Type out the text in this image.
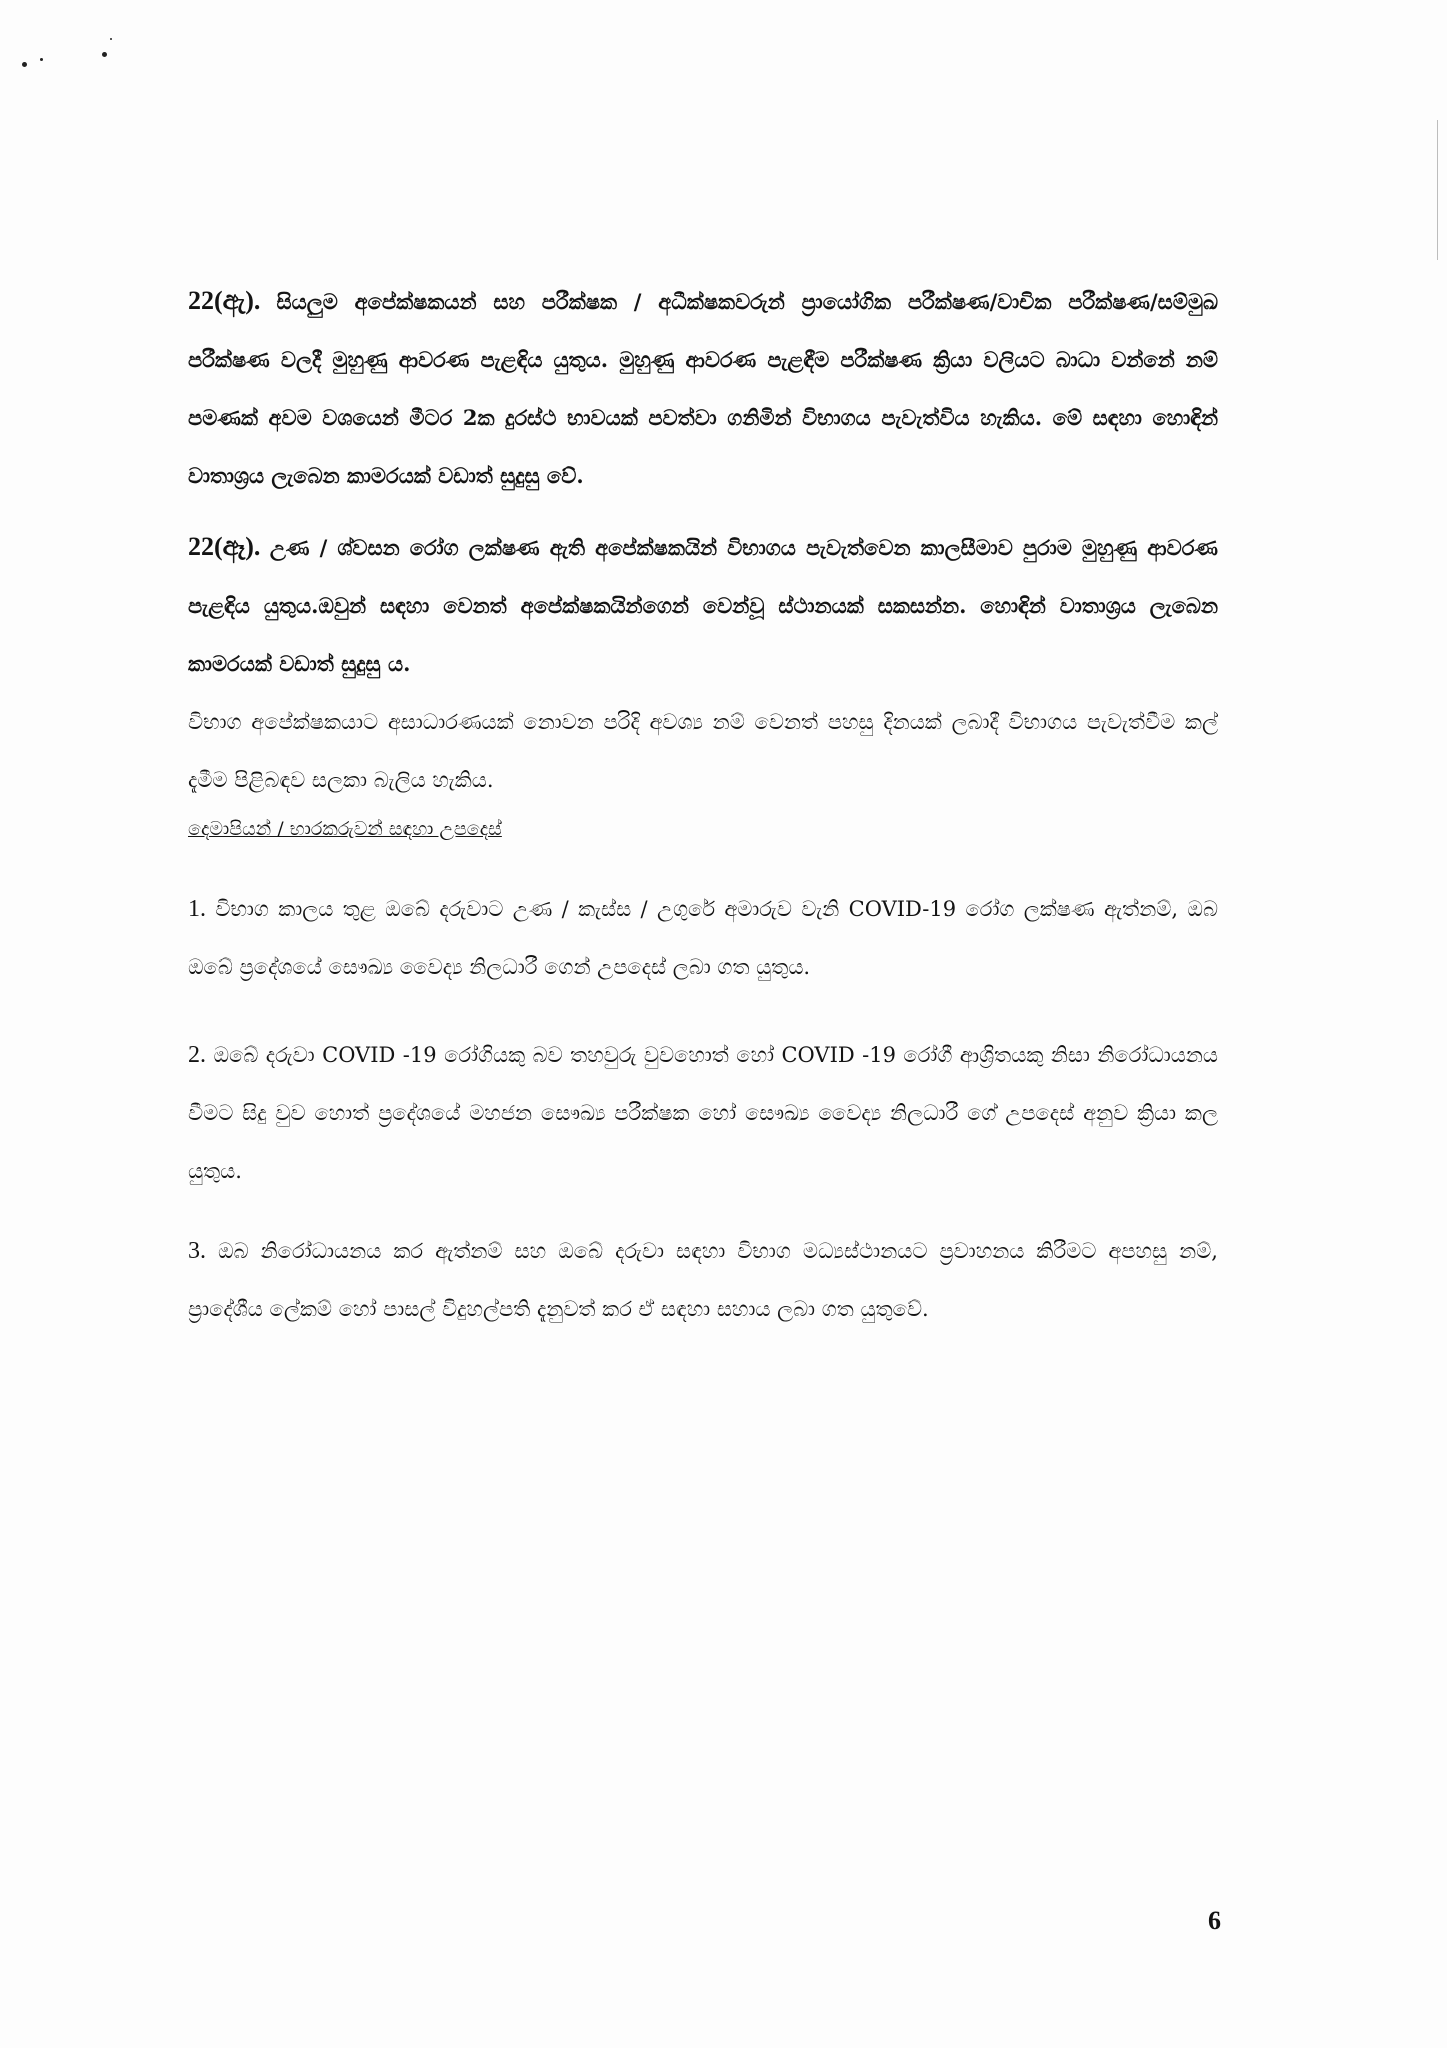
22(ඇ). සියලුම අපේක්ෂකයන් සහ පරීක්ෂක / අධීක්ෂකවරුන් ප්‍රායෝගික පරීක්ෂණ/වාචික පරීක්ෂණ/සම්මුඛ පරීක්ෂණ වලදී මුහුණු ආවරණ පැළඳිය යුතුය. මුහුණු ආවරණ පැළඳීම පරීක්ෂණ ක්‍රියා වලියට බාධා වන්නේ නම් පමණක් අවම වශයෙන් මීටර 2ක දුරස්ථ භාවයක් පවත්වා ගනිමින් විභාගය පැවැත්විය හැකිය. මේ සඳහා හොඳින් වාතාශ්‍රය ලැබෙන කාමරයක් වඩාත් සුදුසු වේ.

22(ඈ). උණ / ශ්වසන රෝග ලක්ෂණ ඇති අපේක්ෂකයින් විභාගය පැවැත්වෙන කාලසීමාව පුරාම මුහුණු ආවරණ පැළඳිය යුතුය.ඔවුන් සඳහා වෙනත් අපේක්ෂකයින්ගෙන් වෙන්වූ ස්ථානයක් සකසන්න. හොඳින් වාතාශ්‍රය ලැබෙන කාමරයක් වඩාත් සුදුසු ය.
විභාග අපේක්ෂකයාට අසාධාරණයක් නොවන පරිදි අවශ්‍ය නම් වෙනත් පහසු දිනයක් ලබාදී විභාගය පැවැත්වීම කල් දැමීම පිළිබඳව සලකා බැලිය හැකිය.

දෙමාපියන් / භාරකරුවන් සඳහා උපදෙස්

1. විභාග කාලය තුළ ඔබේ දරුවාට උණ / කැස්ස / උගුරේ අමාරුව වැනි COVID-19 රෝග ලක්ෂණ ඇත්නම්, ඔබ ඔබේ ප්‍රදේශයේ සෞඛ්‍ය වෛද්‍ය නිලධාරී ගෙන් උපදෙස් ලබා ගත යුතුය.

2. ඔබේ දරුවා COVID -19 රෝගියකු බව තහවුරු වුවහොත් හෝ COVID -19 රෝගී ආශ්‍රිතයකු නිසා නිරෝධායනය වීමට සිදු වුව හොත් ප්‍රදේශයේ මහජන සෞඛ්‍ය පරීක්ෂක හෝ සෞඛ්‍ය වෛද්‍ය නිලධාරී ගේ උපදෙස් අනුව ක්‍රියා කල යුතුය.

3. ඔබ නිරෝධායනය කර ඇත්නම් සහ ඔබේ දරුවා සඳහා විභාග මධ්‍යස්ථානයට ප්‍රවාහනය කිරීමට අපහසු නම්, ප්‍රාදේශීය ලේකම් හෝ පාසල් විදුහල්පති දැනුවත් කර ඒ සඳහා සහාය ලබා ගත යුතුවේ.

6
